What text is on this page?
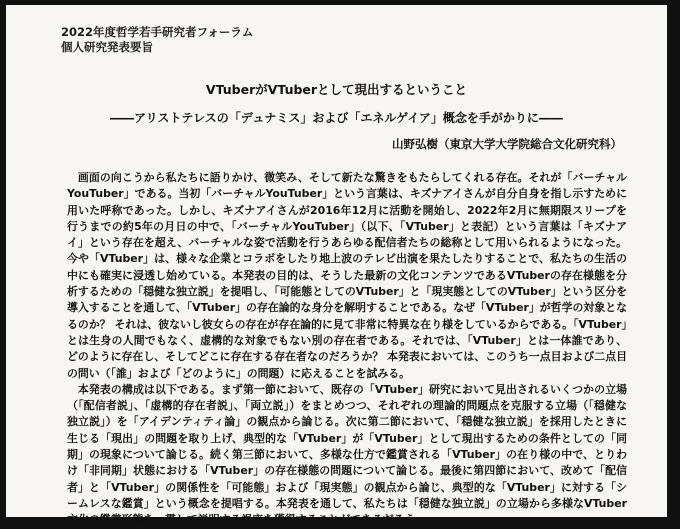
2022年度哲学若手研究者フォーラム
個人研究発表要旨
VTuberがVTuberとして現出するということ
――アリストテレスの「デュナミス」および「エネルゲイア」概念を手がかりに――
山野弘樹（東京大学大学院総合文化研究科）

画面の向こうから私たちに語りかけ、微笑み、そして新たな驚きをもたらしてくれる存在。それが「バーチャルYouTuber」である。当初「バーチャルYouTuber」という言葉は、キズナアイさんが自分自身を指し示すために用いた呼称であった。しかし、キズナアイさんが2016年12月に活動を開始し、2022年2月に無期限スリープを行うまでの約5年の月日の中で、「バーチャルYouTuber」（以下、「VTuber」と表記）という言葉は「キズナアイ」という存在を超え、バーチャルな姿で活動を行うあらゆる配信者たちの総称として用いられるようになった。今や「VTuber」は、様々な企業とコラボをしたり地上波のテレビ出演を果たしたりすることで、私たちの生活の中にも確実に浸透し始めている。本発表の目的は、そうした最新の文化コンテンツであるVTuberの存在様態を分析するための「穏健な独立説」を提唱し、「可能態としてのVTuber」と「現実態としてのVTuber」という区分を導入することを通して、「VTuber」の存在論的な身分を解明することである。なぜ「VTuber」が哲学の対象となるのか？ それは、彼ないし彼女らの存在が存在論的に見て非常に特異な在り様をしているからである。「VTuber」とは生身の人間でもなく、虚構的な対象でもない別の存在者である。それでは、「VTuber」とは一体誰であり、どのように存在し、そしてどこに存在する存在者なのだろうか？ 本発表においては、このうち一点目および二点目の問い（「誰」および「どのように」の問題）に応えることを試みる。

本発表の構成は以下である。まず第一節において、既存の「VTuber」研究において見出されるいくつかの立場（「配信者説」、「虚構的存在者説」、「両立説」）をまとめつつ、それぞれの理論的問題点を克服する立場（「穏健な独立説」）を「アイデンティティ論」の観点から論じる。次に第二節において、「穏健な独立説」を採用したときに生じる「現出」の問題を取り上げ、典型的な「VTuber」が「VTuber」として現出するための条件としての「同期」の現象について論じる。続く第三節において、多様な仕方で鑑賞される「VTuber」の在り様の中で、とりわけ「非同期」状態における「VTuber」の存在様態の問題について論じる。最後に第四節において、改めて「配信者」と「VTuber」の関係性を「可能態」および「現実態」の観点から論じ、典型的な「VTuber」に対する「シームレスな鑑賞」という概念を提唱する。本発表を通して、私たちは「穏健な独立説」の立場から多様なVTuber文化の鑑賞形態を一貫して説明する視座を獲得することができるだろう。
